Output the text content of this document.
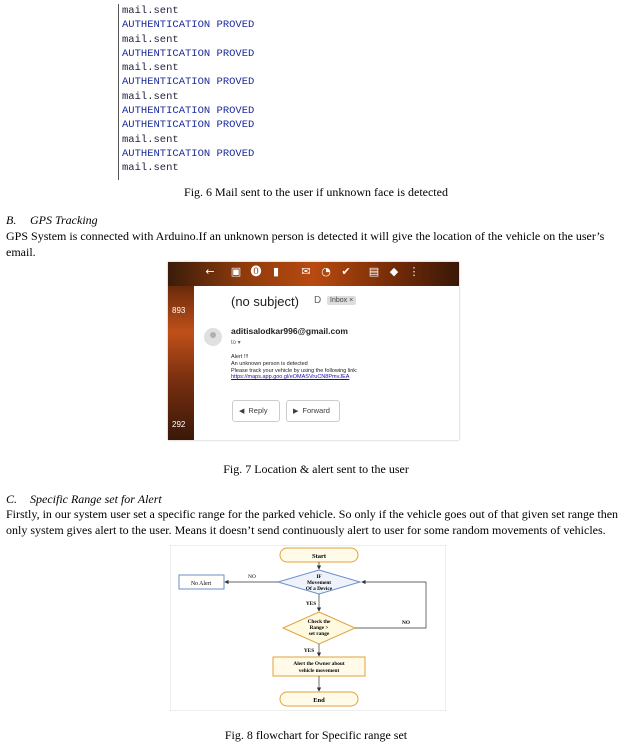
mail.sent
AUTHENTICATION PROVED
mail.sent
AUTHENTICATION PROVED
mail.sent
AUTHENTICATION PROVED
mail.sent
AUTHENTICATION PROVED
AUTHENTICATION PROVED
mail.sent
AUTHENTICATION PROVED
mail.sent
Fig. 6 Mail sent to the user if unknown face is detected
B. GPS Tracking
GPS System is connected with Arduino.If an unknown person is detected it will give the location of the vehicle on the user’s email.
← ▣ ⓿ ▮ ✉ ◔ ✔ ▤ ◆ ⋮
893
292
(no subject) D	Inbox ×
aditisalodkar996@gmail.com
to ▾
Alert !!!
An unknown person is detected
Please track your vehicle by using the following link:
https://maps.app.goo.gl/eOMASVruCN8PmvJEA
◀ Reply	▶ Forward
Fig. 7 Location & alert sent to the user
C. Specific Range set for Alert
Firstly, in our system user set a specific range for the parked vehicle. So only if the vehicle goes out of that given set range then only system gives alert to the user. Means it doesn’t send continuously alert to user for some random movements of vehicles.
Start
IF
Movement
Of a Device
NO
No Alert
YES
Check the
Range >
set range
NO
YES
Alert the Owner about
vehicle movement
End
Fig. 8 flowchart for Specific range set
